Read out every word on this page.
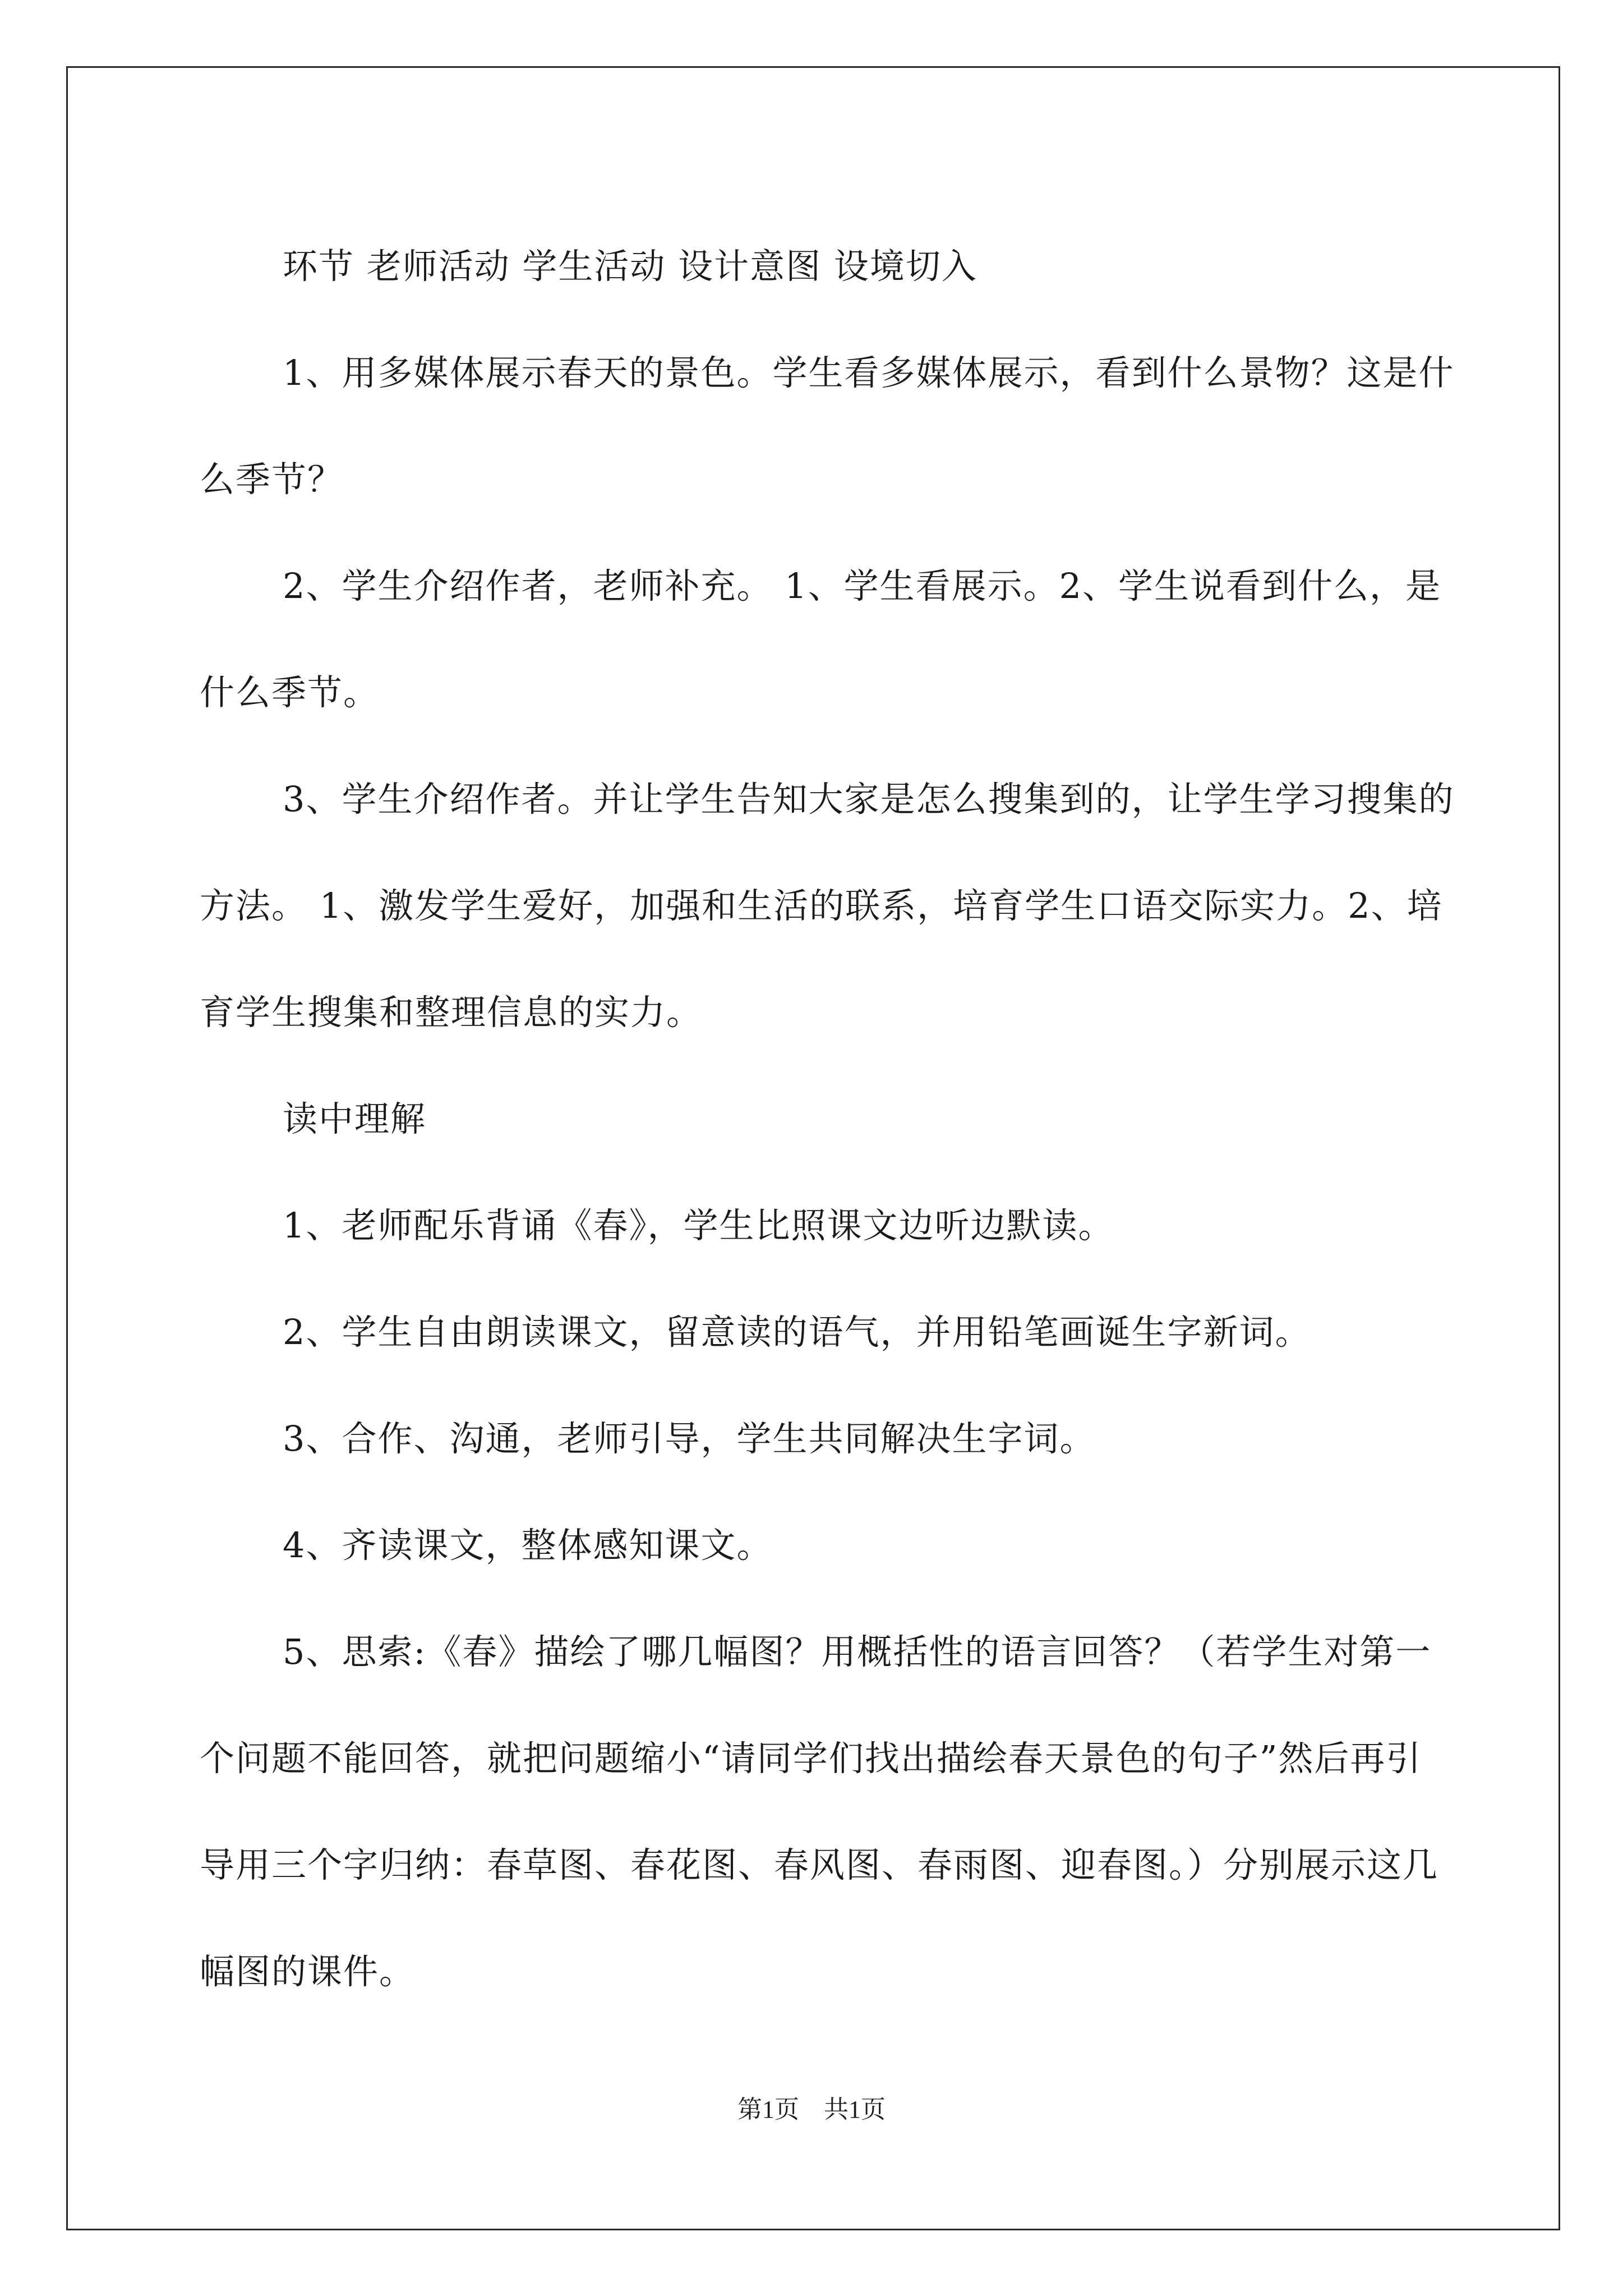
环节 老师活动 学生活动 设计意图 设境切入

1、用多媒体展示春天的景色。学生看多媒体展示，看到什么景物？这是什么季节？

2、学生介绍作者，老师补充。 1、学生看展示。2、学生说看到什么，是什么季节。

3、学生介绍作者。并让学生告知大家是怎么搜集到的，让学生学习搜集的方法。 1、激发学生爱好，加强和生活的联系，培育学生口语交际实力。2、培育学生搜集和整理信息的实力。

读中理解

1、老师配乐背诵《春》，学生比照课文边听边默读。

2、学生自由朗读课文，留意读的语气，并用铅笔画诞生字新词。

3、合作、沟通，老师引导，学生共同解决生字词。

4、齐读课文，整体感知课文。

5、思索:《春》描绘了哪几幅图？用概括性的语言回答？（若学生对第一个问题不能回答，就把问题缩小“请同学们找出描绘春天景色的句子”然后再引导用三个字归纳：春草图、春花图、春风图、春雨图、迎春图。）分别展示这几幅图的课件。

第1页 共1页
